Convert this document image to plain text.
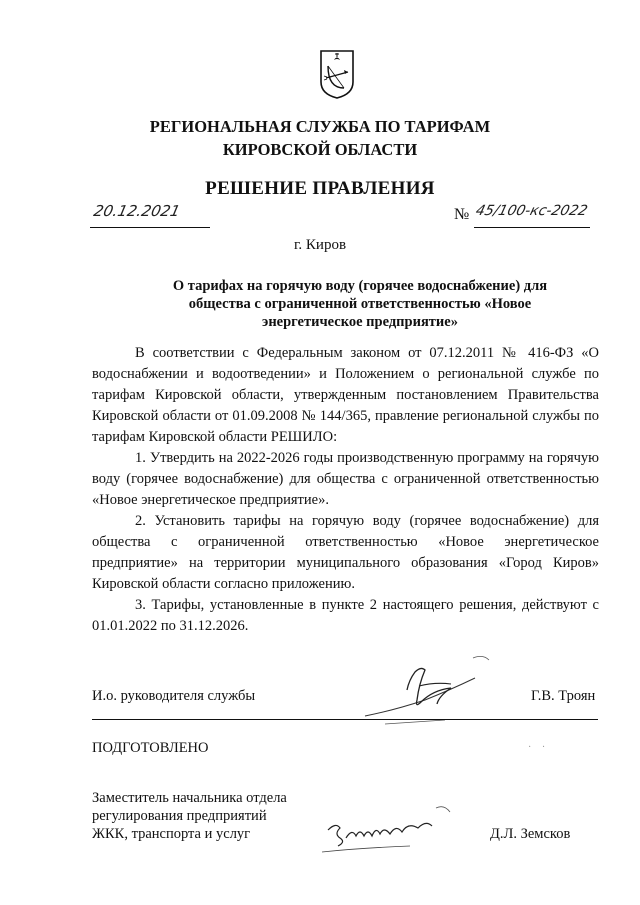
РЕГИОНАЛЬНАЯ СЛУЖБА ПО ТАРИФАМ
КИРОВСКОЙ ОБЛАСТИ
РЕШЕНИЕ ПРАВЛЕНИЯ
20.12.2021	№ 45/100-кс-2022
г. Киров
О тарифах на горячую воду (горячее водоснабжение) для
общества с ограниченной ответственностью «Новое
энергетическое предприятие»

В соответствии с Федеральным законом от 07.12.2011 № 416-ФЗ «О водоснабжении и водоотведении» и Положением о региональной службе по тарифам Кировской области, утвержденным постановлением Правительства Кировской области от 01.09.2008 № 144/365, правление региональной службы по тарифам Кировской области РЕШИЛО:

1. Утвердить на 2022-2026 годы производственную программу на горячую воду (горячее водоснабжение) для общества с ограниченной ответственностью «Новое энергетическое предприятие».

2. Установить тарифы на горячую воду (горячее водоснабжение) для общества с ограниченной ответственностью «Новое энергетическое предприятие» на территории муниципального образования «Город Киров» Кировской области согласно приложению.

3. Тарифы, установленные в пункте 2 настоящего решения, действуют с 01.01.2022 по 31.12.2026.

И.о. руководителя службы	Г.В. Троян
ПОДГОТОВЛЕНО	· ·
Заместитель начальника отдела
регулирования предприятий
ЖКК, транспорта и услуг	Д.Л. Земсков
